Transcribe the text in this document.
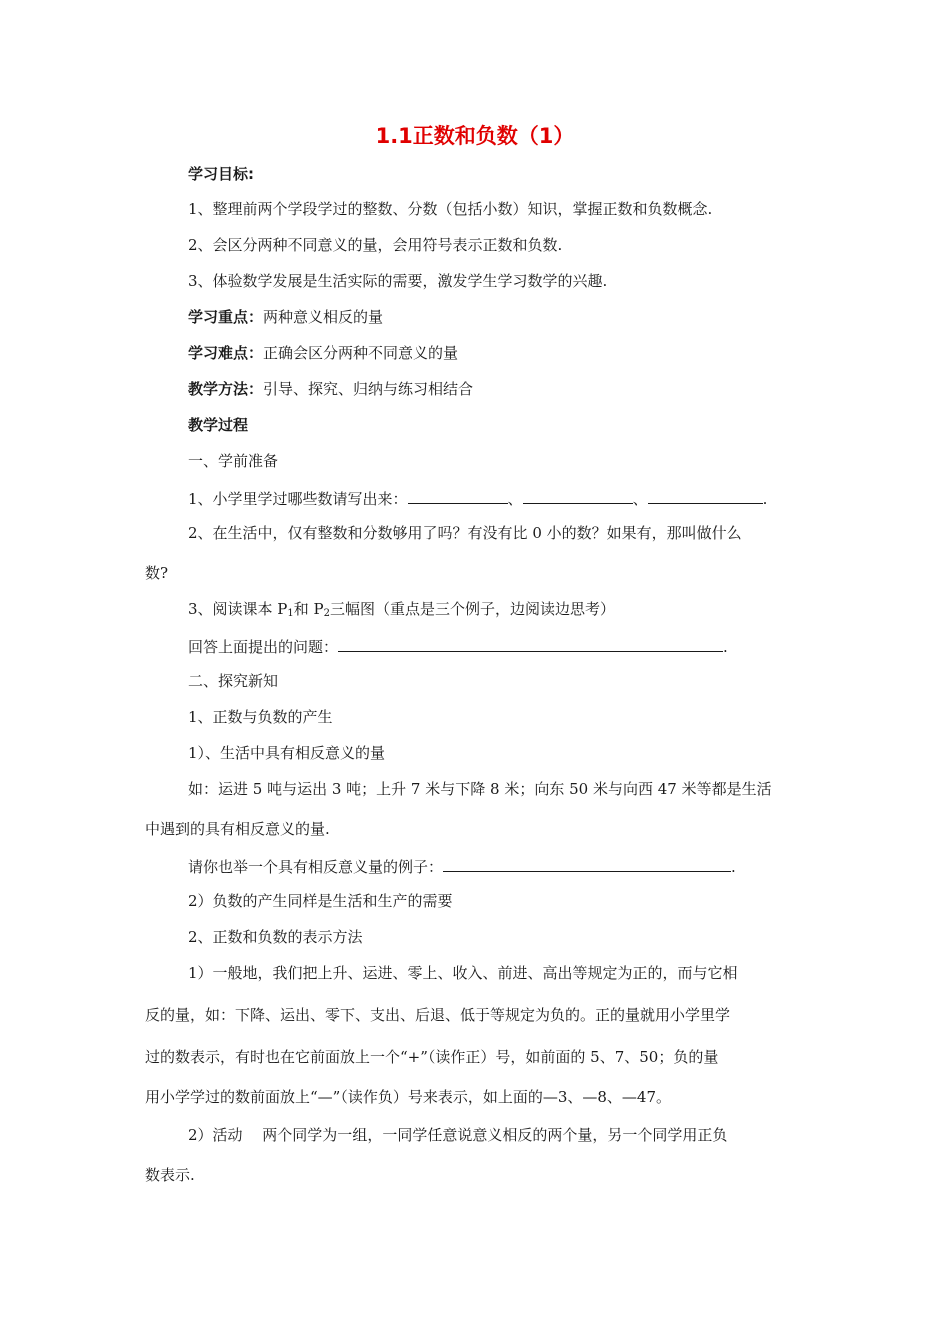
1.1正数和负数（1）
学习目标:
1、整理前两个学段学过的整数、分数（包括小数）知识，掌握正数和负数概念.
2、会区分两种不同意义的量，会用符号表示正数和负数.
3、体验数学发展是生活实际的需要，激发学生学习数学的兴趣.
学习重点：两种意义相反的量
学习难点：正确会区分两种不同意义的量
教学方法：引导、探究、归纳与练习相结合
教学过程
一、学前准备
1、小学里学过哪些数请写出来：	、	、	.
2、在生活中，仅有整数和分数够用了吗？有没有比 0 小的数？如果有，那叫做什么
数?
3、阅读课本 $P_1$和 $P_2$三幅图（重点是三个例子，边阅读边思考）
回答上面提出的问题：	.
二、探究新知
1、正数与负数的产生
1）、生活中具有相反意义的量
如：运进 5 吨与运出 3 吨；上升 7 米与下降 8 米；向东 50 米与向西 47 米等都是生活
中遇到的具有相反意义的量.
请你也举一个具有相反意义量的例子：	.
2）负数的产生同样是生活和生产的需要
2、正数和负数的表示方法
1）一般地，我们把上升、运进、零上、收入、前进、高出等规定为正的，而与它相
反的量，如：下降、运出、零下、支出、后退、低于等规定为负的。正的量就用小学里学
过的数表示，有时也在它前面放上一个“+”（读作正）号，如前面的 5、7、50；负的量
用小学学过的数前面放上“—”（读作负）号来表示，如上面的—3、—8、—47。
2）活动　 两个同学为一组，一同学任意说意义相反的两个量，另一个同学用正负
数表示.
